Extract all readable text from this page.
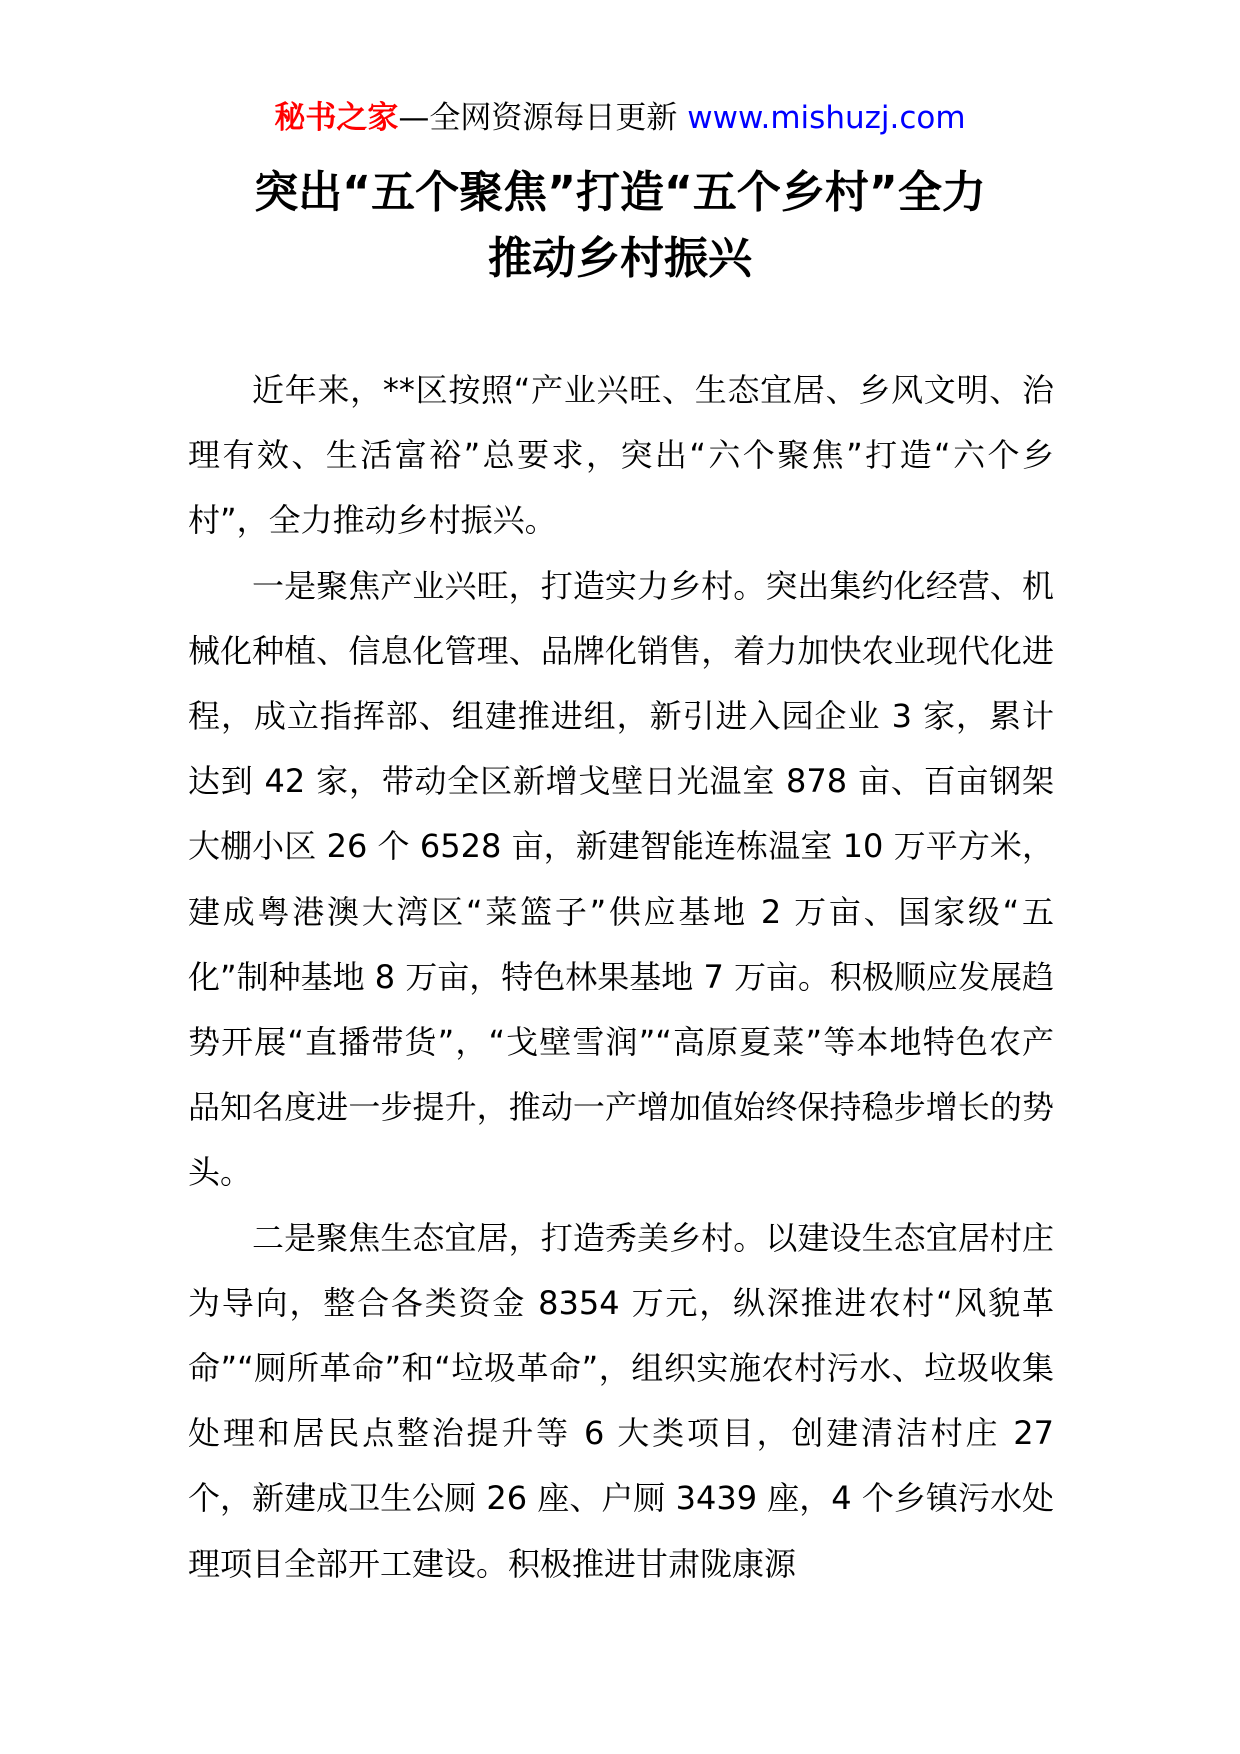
秘书之家—全网资源每日更新 www.mishuzj.com
突出“五个聚焦”打造“五个乡村”全力
推动乡村振兴

近年来，**区按照“产业兴旺、生态宜居、乡风文明、治理有效、生活富裕”总要求，突出“六个聚焦”打造“六个乡村”，全力推动乡村振兴。

一是聚焦产业兴旺，打造实力乡村。突出集约化经营、机械化种植、信息化管理、品牌化销售，着力加快农业现代化进程，成立指挥部、组建推进组，新引进入园企业 3 家，累计达到 42 家，带动全区新增戈壁日光温室 878 亩、百亩钢架大棚小区 26 个 6528 亩，新建智能连栋温室 10 万平方米，建成粤港澳大湾区“菜篮子”供应基地 2 万亩、国家级“五化”制种基地 8 万亩，特色林果基地 7 万亩。积极顺应发展趋势开展“直播带货”，“戈壁雪润”“高原夏菜”等本地特色农产品知名度进一步提升，推动一产增加值始终保持稳步增长的势头。

二是聚焦生态宜居，打造秀美乡村。以建设生态宜居村庄为导向，整合各类资金 8354 万元，纵深推进农村“风貌革命”“厕所革命”和“垃圾革命”，组织实施农村污水、垃圾收集处理和居民点整治提升等 6 大类项目，创建清洁村庄 27 个，新建成卫生公厕 26 座、户厕 3439 座，4 个乡镇污水处理项目全部开工建设。积极推进甘肃陇康源
